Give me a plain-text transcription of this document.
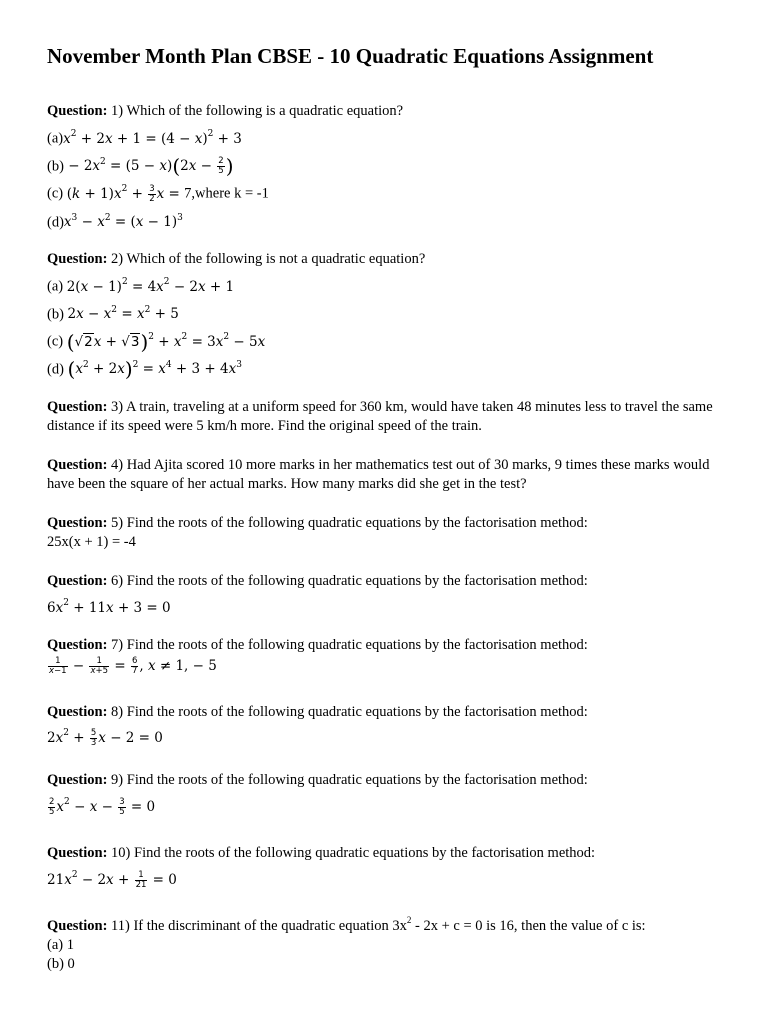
November Month Plan CBSE - 10 Quadratic Equations Assignment
Question: 1) Which of the following is a quadratic equation?
$(a)x^2 + 2x + 1 = (4 - x)^2 + 3$
$(b) - 2x^2 = (5 - x)(2x - \frac{2}{5}$ )
(c) $(k + 1)x^2 + \frac{3}{2}$ x = 7,where k = -1
$(d)x^3 - x^2 = (x - 1)^3$
Question: 2) Which of the following is not a quadratic equation?
(a) $2(x - 1)^2 = 4x^2 - 2x + 1$
(b) $2x - x^2 = x^2 + 5$
(c) $(√2x + √3)^2 + x^2 = 3x^2 - 5x$
(d) $(x^2 + 2x)^2 = x^4 + 3 + 4x^3$
Question: 3) A train, traveling at a uniform speed for 360 km, would have taken 48 minutes less to travel the same distance if its speed were 5 km/h more. Find the original speed of the train.
Question: 4) Had Ajita scored 10 more marks in her mathematics test out of 30 marks, 9 times these marks would have been the square of her actual marks. How many marks did she get in the test?
Question: 5) Find the roots of the following quadratic equations by the factorisation method:
25x(x + 1) = -4
Question: 6) Find the roots of the following quadratic equations by the factorisation method:
$6x^2 + 11x + 3 = 0$
Question: 7) Find the roots of the following quadratic equations by the factorisation method:
$\frac{1}{x-1} - \frac{1}{x+5} = \frac{6}{7}$ , x ≠ 1, − 5
Question: 8) Find the roots of the following quadratic equations by the factorisation method:
$2x^2 + \frac{5}{3}$ x − 2 = 0
Question: 9) Find the roots of the following quadratic equations by the factorisation method:
$\frac{2}{5} x^2 - x - \frac{3}{5} = 0$
Question: 10) Find the roots of the following quadratic equations by the factorisation method:
$21x^2 - 2x + \frac{1}{21} = 0$
Question: 11) If the discriminant of the quadratic equation $3x^2 - 2x + c = 0$ is 16, then the value of c is:
(a) 1
(b) 0
